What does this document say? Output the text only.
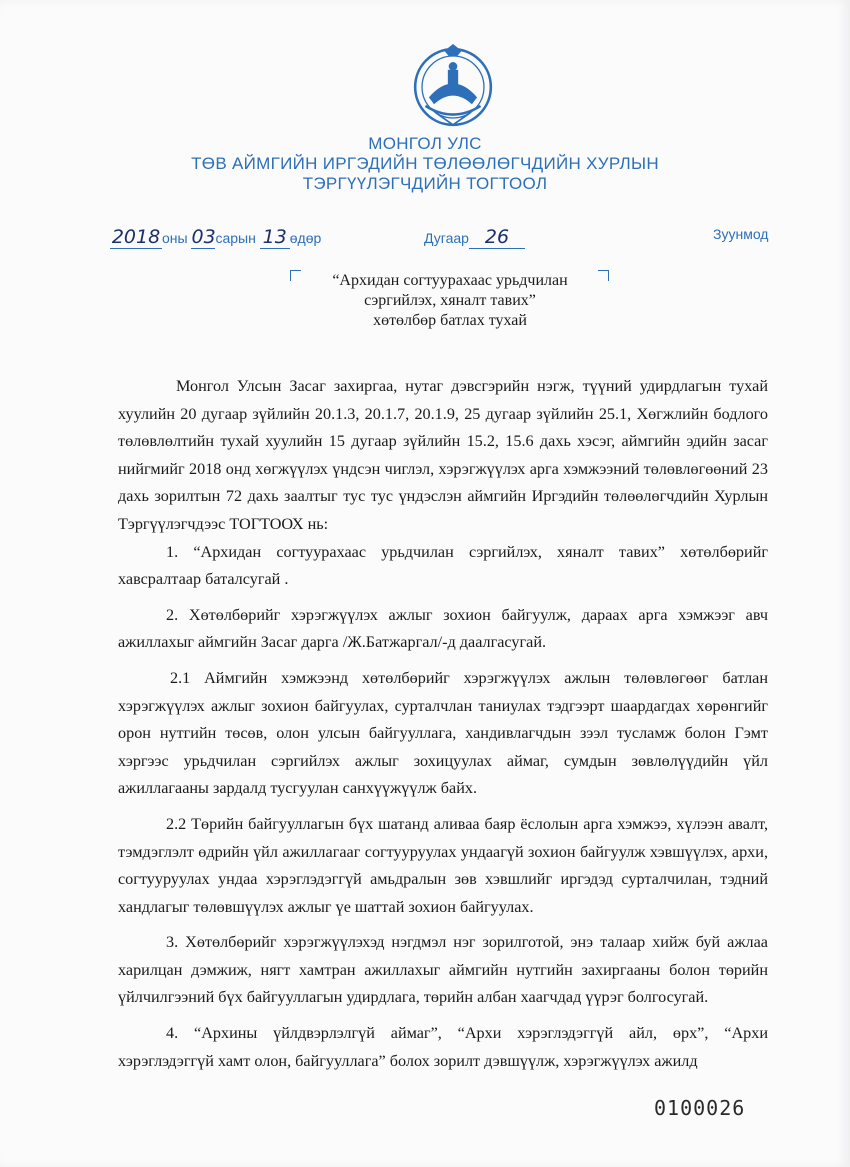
МОНГОЛ УЛС
ТӨВ АЙМГИЙН ИРГЭДИЙН ТӨЛӨӨЛӨГЧДИЙН ХУРЛЫН
ТЭРГҮҮЛЭГЧДИЙН ТОГТООЛ
2018 оны 03сарын 13 өдөр	Дугаар 26	Зуунмод
“Архидан согтуурахаас урьдчилан
сэргийлэх, хяналт тавих”
хөтөлбөр батлах тухай

Монгол Улсын Засаг захиргаа, нутаг дэвсгэрийн нэгж, түүний удирдлагын тухай хуулийн 20 дугаар зүйлийн 20.1.3, 20.1.7, 20.1.9, 25 дугаар зүйлийн 25.1, Хөгжлийн бодлого төлөвлөлтийн тухай хуулийн 15 дугаар зүйлийн 15.2, 15.6 дахь хэсэг, аймгийн эдийн засаг нийгмийг 2018 онд хөгжүүлэх үндсэн чиглэл, хэрэгжүүлэх арга хэмжээний төлөвлөгөөний 23 дахь зорилтын 72 дахь заалтыг тус тус үндэслэн аймгийн Иргэдийн төлөөлөгчдийн Хурлын Тэргүүлэгчдээс ТОГТООХ нь:

1. “Архидан согтуурахаас урьдчилан сэргийлэх, хяналт тавих” хөтөлбөрийг хавсралтаар баталсугай .

2. Хөтөлбөрийг хэрэгжүүлэх ажлыг зохион байгуулж, дараах арга хэмжээг авч ажиллахыг аймгийн Засаг дарга /Ж.Батжаргал/-д даалгасугай.

2.1 Аймгийн хэмжээнд хөтөлбөрийг хэрэгжүүлэх ажлын төлөвлөгөөг батлан хэрэгжүүлэх ажлыг зохион байгуулах, сурталчлан таниулах тэдгээрт шаардагдах хөрөнгийг орон нутгийн төсөв, олон улсын байгууллага, хандивлагчдын зээл тусламж болон Гэмт хэргээс урьдчилан сэргийлэх ажлыг зохицуулах аймаг, сумдын зөвлөлүүдийн үйл ажиллагааны зардалд тусгуулан санхүүжүүлж байх.

2.2 Төрийн байгууллагын бүх шатанд аливаа баяр ёслолын арга хэмжээ, хүлээн авалт, тэмдэглэлт өдрийн үйл ажиллагааг согтууруулах ундаагүй зохион байгуулж хэвшүүлэх, архи, согтууруулах ундаа хэрэглэдэггүй амьдралын зөв хэвшлийг иргэдэд сурталчилан, тэдний хандлагыг төлөвшүүлэх ажлыг үе шаттай зохион байгуулах.

3. Хөтөлбөрийг хэрэгжүүлэхэд нэгдмэл нэг зорилготой, энэ талаар хийж буй ажлаа харилцан дэмжиж, нягт хамтран ажиллахыг аймгийн нутгийн захиргааны болон төрийн үйлчилгээний бүх байгууллагын удирдлага, төрийн албан хаагчдад үүрэг болгосугай.

4. “Архины үйлдвэрлэлгүй аймаг”, “Архи хэрэглэдэггүй айл, өрх”, “Архи хэрэглэдэггүй хамт олон, байгууллага” болох зорилт дэвшүүлж, хэрэгжүүлэх ажилд

0100026
